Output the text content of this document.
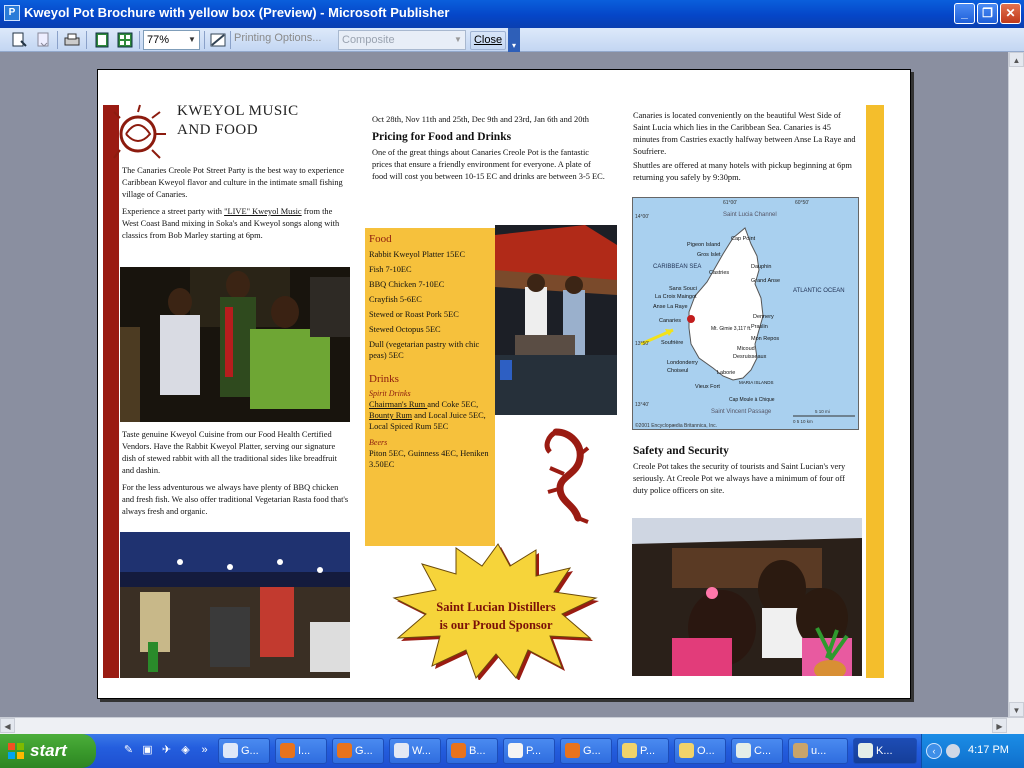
P Kweyol Pot Brochure with yellow box (Preview) - Microsoft Publisher	_	❐	✕
77%	▼	Printing Options...	Composite	▼	Close	▾
▲
▼
◀	▶
KWEYOL MUSIC
AND FOOD

The Canaries Creole Pot Street Party is the best way to experience Caribbean Kweyol flavor and culture in the intimate small fishing village of Canaries.

Experience a street party with "LIVE" Kweyol Music from the West Coast Band mixing in Soka's and Kweyol songs along with classics from Bob Marley starting at 6pm.

Taste genuine Kweyol Cuisine from our Food Health Certified Vendors. Have the Rabbit Kweyol Platter, serving our signature dish of stewed rabbit with all the traditional sides like breadfruit and dashin.

For the less adventurous we always have plenty of BBQ chicken and fresh fish. We also offer traditional Vegetarian Rasta food that's always fresh and organic.

Oct 28th, Nov 11th and 25th, Dec 9th and 23rd, Jan 6th and 20th

Pricing for Food and Drinks

One of the great things about Canaries Creole Pot is the fantastic prices that ensure a friendly environment for everyone. A plate of food will cost you between 10-15 EC and drinks are between 3-5 EC.

Food
Rabbit Kweyol Platter 15EC
Fish 7-10EC
BBQ Chicken 7-10EC
Crayfish 5-6EC
Stewed or Roast Pork 5EC
Stewed Octopus 5EC
Dull (vegetarian pastry with chic peas) 5EC
Drinks
Spirit Drinks
Chairman's Rum and Coke 5EC, Bounty Rum and Local Juice 5EC, Local Spiced Rum 5EC
Beers
Piton 5EC, Guinness 4EC, Heniken 3.50EC
Saint Lucian Distillers
is our Proud Sponsor

Canaries is located conveniently on the beautiful West Side of Saint Lucia which lies in the Caribbean Sea. Canaries is 45 minutes from Castries exactly halfway between Anse La Raye and Soufriere.

Shuttles are offered at many hotels with pickup beginning at 6pm returning you safely by 9:30pm.

Saint Lucia Channel
CARIBBEAN SEA
ATLANTIC OCEAN
Saint Vincent Passage
©2001 Encyclopædia Britannica, Inc.
Cap Point
Pigeon Island
Gros Islet
Dauphin
Castries
Grand Anse
Sans Souci
La Croix Maingot
Anse La Raye
Canaries
Mt. Gimie 3,117 ft.
Dennery
Praslin
Mon Repos
Soufrière
Micoud
Londonderry
Desruisseaux
Choiseul	Laborie
Vieux Fort
MARIA ISLANDS
Cap Moule à Chique
14°00'
13°50'
13°40'
61°00'	60°50'
5 10 mi
0 5 10 km
Safety and Security

Creole Pot takes the security of tourists and Saint Lucian's very seriously. At Creole Pot we always have a minimum of four off duty police officers on site.

start	✎ ▣ ✈ ◈	»	G...	I...	G...	W...	B...	P...	G...	P...	O...	C...	u...	K...	‹	4:17 PM
